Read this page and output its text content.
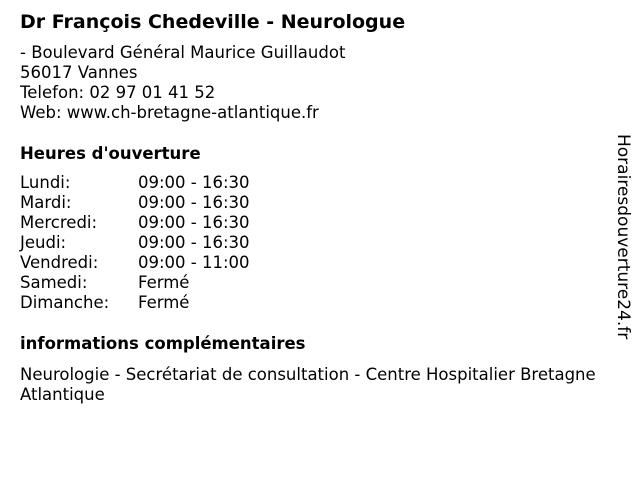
Dr François Chedeville - Neurologue
- Boulevard Général Maurice Guillaudot
56017 Vannes
Telefon: 02 97 01 41 52
Web: www.ch-bretagne-atlantique.fr
Heures d'ouverture
Lundi:	09:00 - 16:30
Mardi:	09:00 - 16:30
Mercredi: 09:00 - 16:30
Jeudi:	09:00 - 16:30
Vendredi: 09:00 - 11:00
Samedi:	Fermé
Dimanche: Fermé
informations complémentaires
Neurologie - Secrétariat de consultation - Centre Hospitalier Bretagne Atlantique
Horairesdouverture24.fr
